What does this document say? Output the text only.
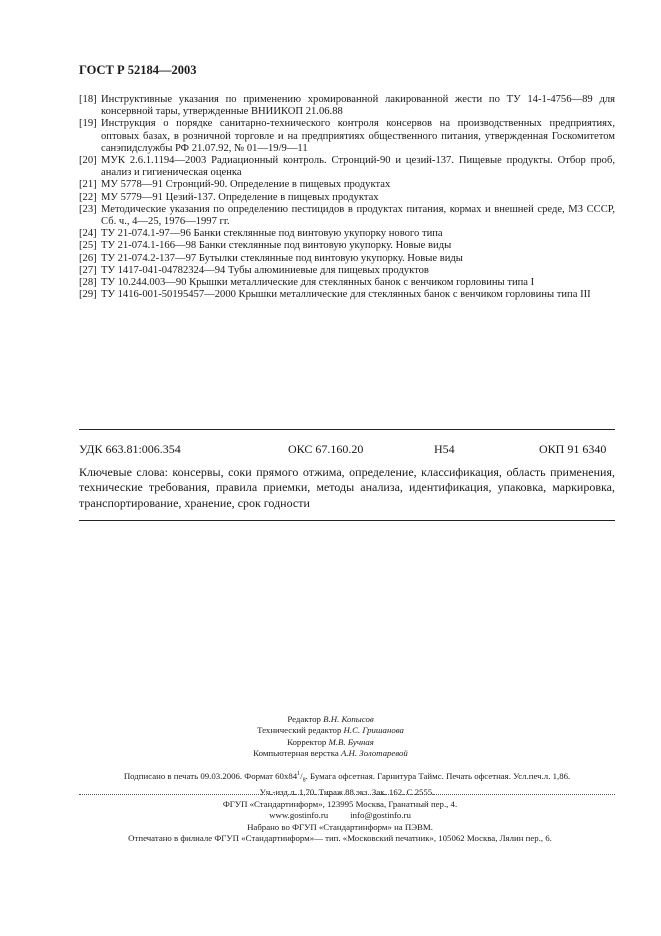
ГОСТ Р 52184—2003
[18] Инструктивные указания по применению хромированной лакированной жести по ТУ 14-1-4756—89 для консервной тары, утвержденные ВНИИКОП 21.06.88
[19] Инструкция о порядке санитарно-технического контроля консервов на производственных предприятиях, оптовых базах, в розничной торговле и на предприятиях общественного питания, утвержденная Госкомитетом санэпидслужбы РФ 21.07.92, № 01—19/9—11
[20] МУК 2.6.1.1194—2003 Радиационный контроль. Стронций-90 и цезий-137. Пищевые продукты. Отбор проб, анализ и гигиеническая оценка
[21] МУ 5778—91 Стронций-90. Определение в пищевых продуктах
[22] МУ 5779—91 Цезий-137. Определение в пищевых продуктах
[23] Методические указания по определению пестицидов в продуктах питания, кормах и внешней среде, МЗ СССР, Сб. ч., 4—25, 1976—1997 гг.
[24] ТУ 21-074.1-97—96 Банки стеклянные под винтовую укупорку нового типа
[25] ТУ 21-074.1-166—98 Банки стеклянные под винтовую укупорку. Новые виды
[26] ТУ 21-074.2-137—97 Бутылки стеклянные под винтовую укупорку. Новые виды
[27] ТУ 1417-041-04782324—94 Тубы алюминиевые для пищевых продуктов
[28] ТУ 10.244.003—90 Крышки металлические для стеклянных банок с венчиком горловины типа I
[29] ТУ 1416-001-50195457—2000 Крышки металлические для стеклянных банок с венчиком горловины типа III
УДК 663.81:006.354	ОКС 67.160.20	Н54	ОКП 91 6340
Ключевые слова: консервы, соки прямого отжима, определение, классификация, область применения, технические требования, правила приемки, методы анализа, идентификация, упаковка, маркировка, транспортирование, хранение, срок годности
Редактор В.Н. Копысов
Технический редактор Н.С. Гришанова
Корректор М.В. Бучная
Компьютерная верстка А.Н. Золотаревой
Подписано в печать 09.03.2006. Формат $60х84^1/_8$. Бумага офсетная. Гарнитура Таймс. Печать офсетная. Усл.печ.л. 1,86.
Уч.-изд.л. 1,70. Тираж 88 экз. Зак. 162. С 2555.
ФГУП «Стандартинформ», 123995 Москва, Гранатный пер., 4.
www.gostinfo.ru	info@gostinfo.ru
Набрано во ФГУП «Стандартинформ» на ПЭВМ.
Отпечатано в филиале ФГУП «Стандартинформ»— тип. «Московский печатник», 105062 Москва, Лялин пер., 6.
